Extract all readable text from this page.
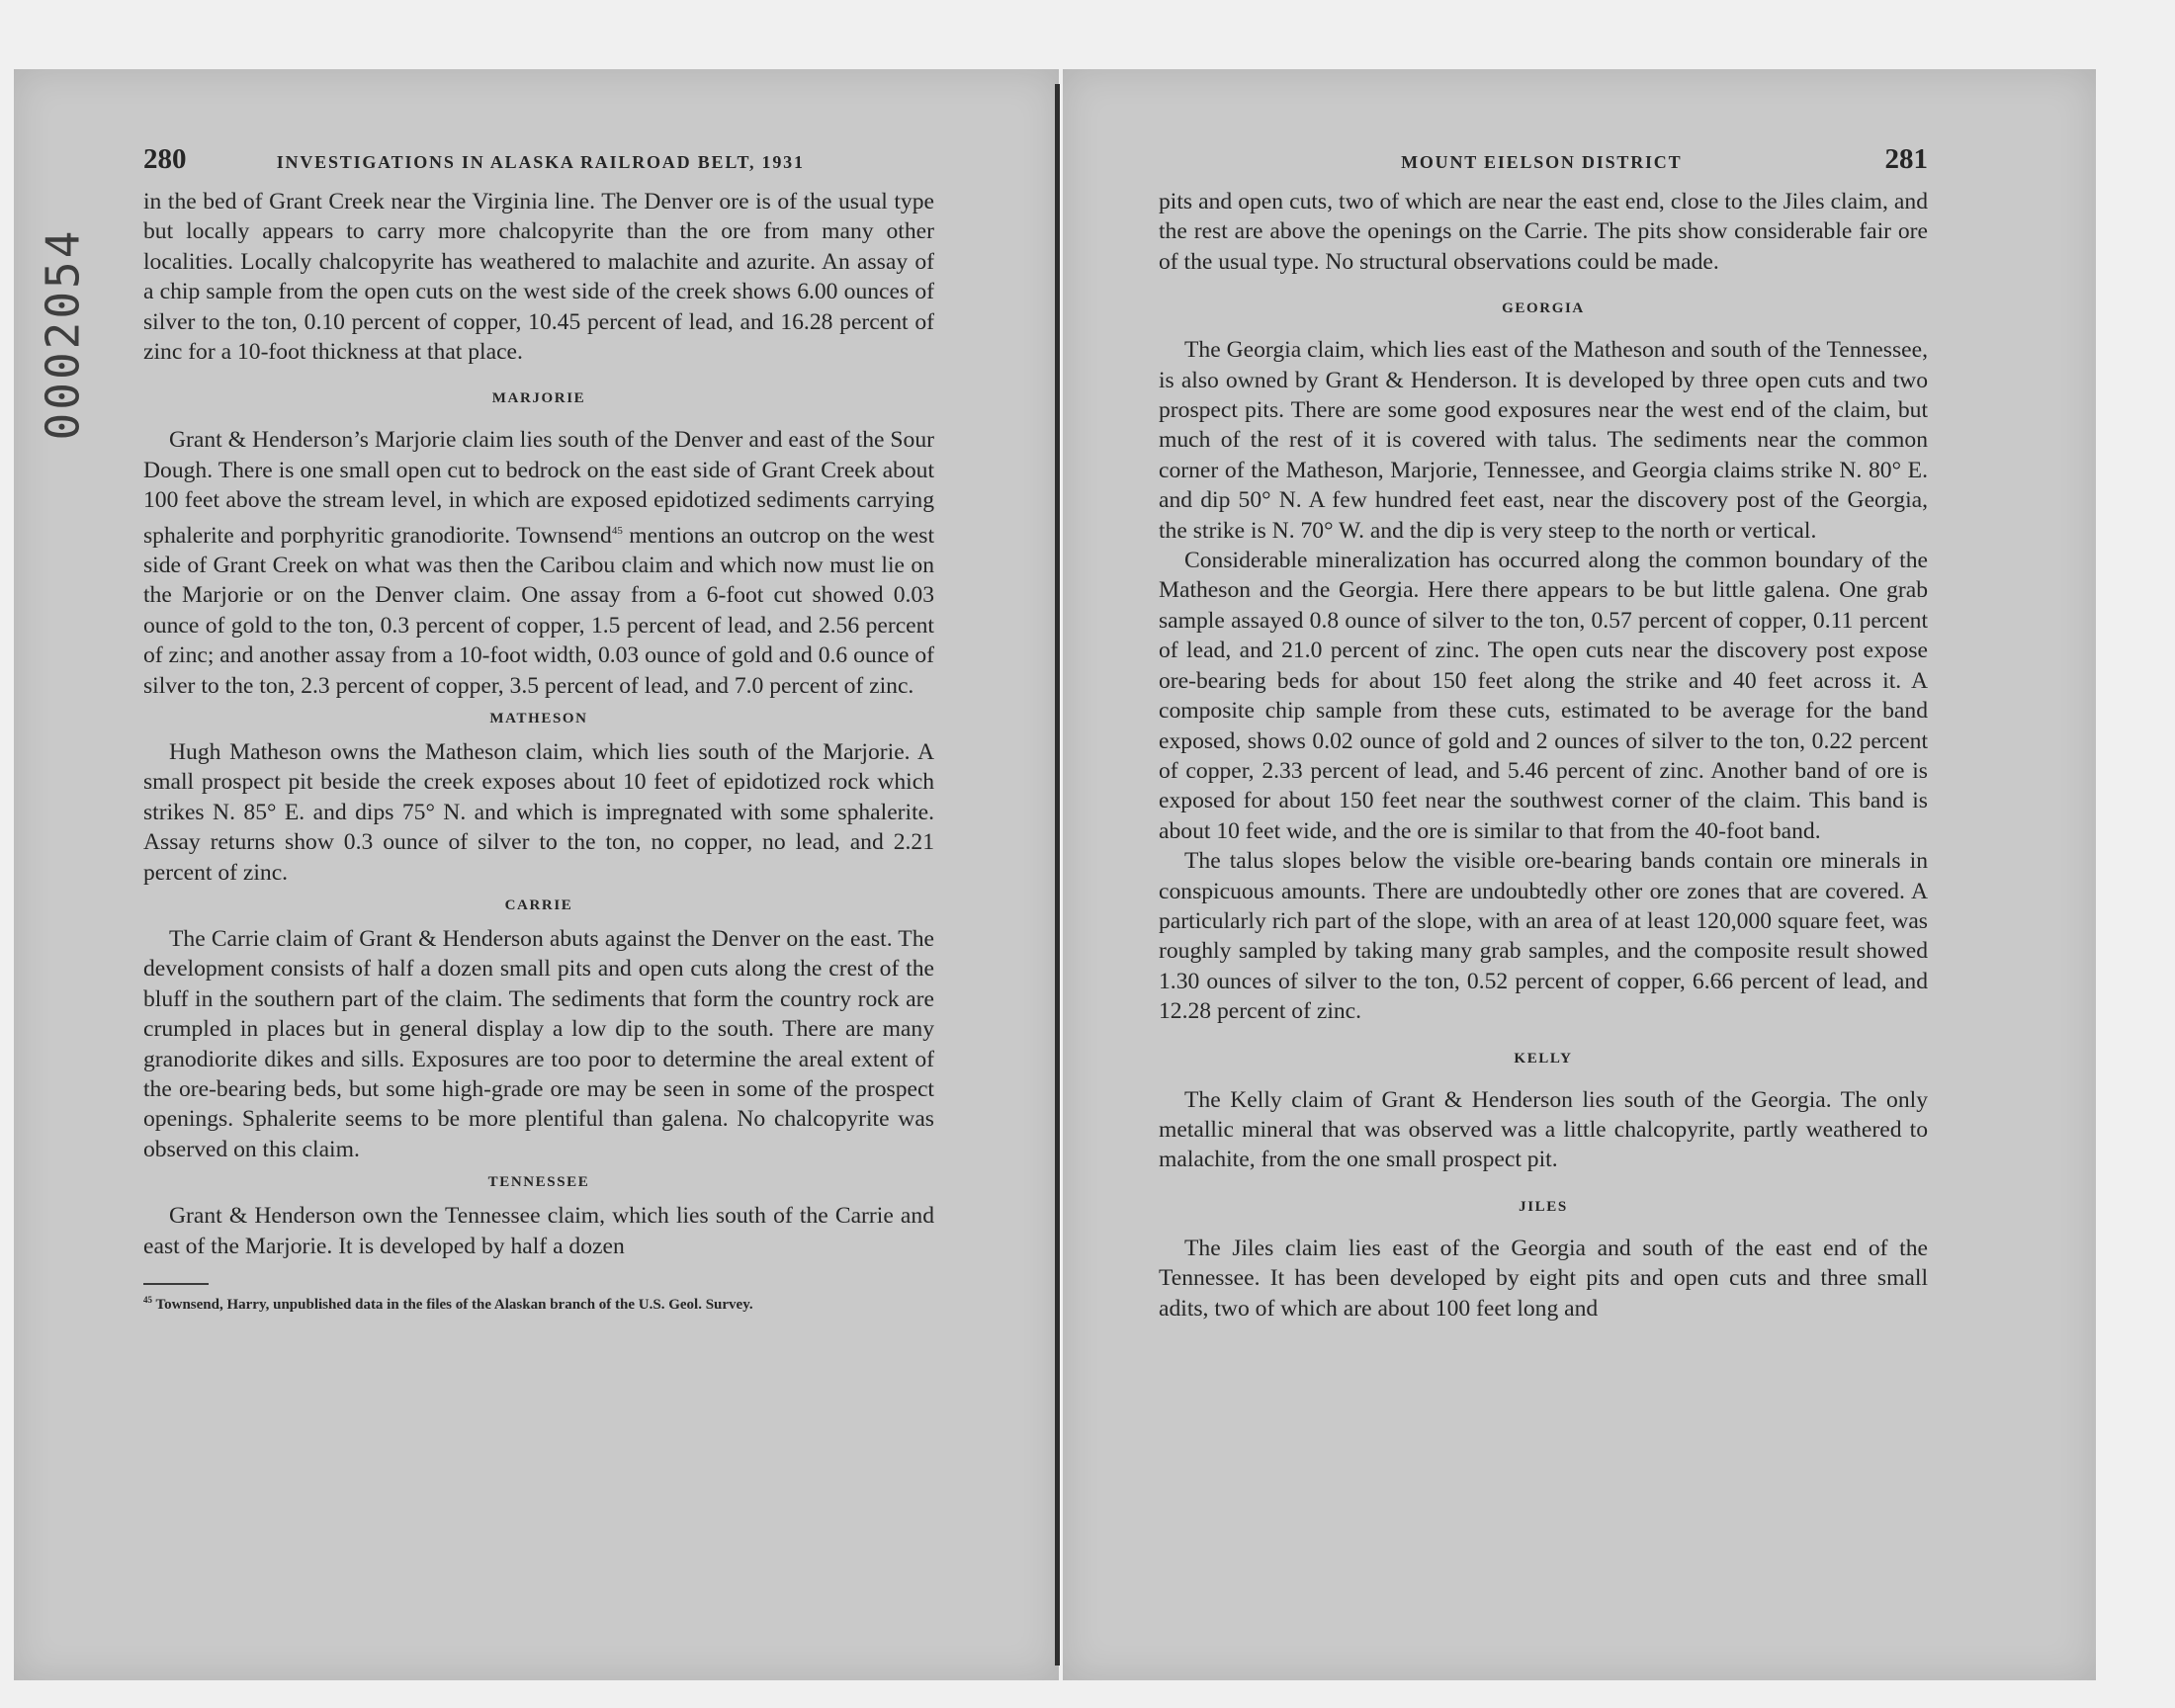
0002054
280	INVESTIGATIONS IN ALASKA RAILROAD BELT, 1931

in the bed of Grant Creek near the Virginia line. The Denver ore is of the usual type but locally appears to carry more chalcopyrite than the ore from many other localities. Locally chalcopyrite has weathered to malachite and azurite. An assay of a chip sample from the open cuts on the west side of the creek shows 6.00 ounces of silver to the ton, 0.10 percent of copper, 10.45 percent of lead, and 16.28 percent of zinc for a 10-foot thickness at that place.

MARJORIE

Grant & Henderson’s Marjorie claim lies south of the Denver and east of the Sour Dough. There is one small open cut to bedrock on the east side of Grant Creek about 100 feet above the stream level, in which are exposed epidotized sediments carrying sphalerite and porphyritic granodiorite. Townsend$^{45}$ mentions an outcrop on the west side of Grant Creek on what was then the Caribou claim and which now must lie on the Marjorie or on the Denver claim. One assay from a 6-foot cut showed 0.03 ounce of gold to the ton, 0.3 percent of copper, 1.5 percent of lead, and 2.56 percent of zinc; and another assay from a 10-foot width, 0.03 ounce of gold and 0.6 ounce of silver to the ton, 2.3 percent of copper, 3.5 percent of lead, and 7.0 percent of zinc.

MATHESON

Hugh Matheson owns the Matheson claim, which lies south of the Marjorie. A small prospect pit beside the creek exposes about 10 feet of epidotized rock which strikes N. 85° E. and dips 75° N. and which is impregnated with some sphalerite. Assay returns show 0.3 ounce of silver to the ton, no copper, no lead, and 2.21 percent of zinc.

CARRIE

The Carrie claim of Grant & Henderson abuts against the Denver on the east. The development consists of half a dozen small pits and open cuts along the crest of the bluff in the southern part of the claim. The sediments that form the country rock are crumpled in places but in general display a low dip to the south. There are many granodiorite dikes and sills. Exposures are too poor to determine the areal extent of the ore-bearing beds, but some high-grade ore may be seen in some of the prospect openings. Sphalerite seems to be more plentiful than galena. No chalcopyrite was observed on this claim.

TENNESSEE

Grant & Henderson own the Tennessee claim, which lies south of the Carrie and east of the Marjorie. It is developed by half a dozen

$^{45}$ Townsend, Harry, unpublished data in the files of the Alaskan branch of the U.S. Geol. Survey.

MOUNT EIELSON DISTRICT	281

pits and open cuts, two of which are near the east end, close to the Jiles claim, and the rest are above the openings on the Carrie. The pits show considerable fair ore of the usual type. No structural observations could be made.

GEORGIA

The Georgia claim, which lies east of the Matheson and south of the Tennessee, is also owned by Grant & Henderson. It is developed by three open cuts and two prospect pits. There are some good exposures near the west end of the claim, but much of the rest of it is covered with talus. The sediments near the common corner of the Matheson, Marjorie, Tennessee, and Georgia claims strike N. 80° E. and dip 50° N. A few hundred feet east, near the discovery post of the Georgia, the strike is N. 70° W. and the dip is very steep to the north or vertical.

Considerable mineralization has occurred along the common boundary of the Matheson and the Georgia. Here there appears to be but little galena. One grab sample assayed 0.8 ounce of silver to the ton, 0.57 percent of copper, 0.11 percent of lead, and 21.0 percent of zinc. The open cuts near the discovery post expose ore-bearing beds for about 150 feet along the strike and 40 feet across it. A composite chip sample from these cuts, estimated to be average for the band exposed, shows 0.02 ounce of gold and 2 ounces of silver to the ton, 0.22 percent of copper, 2.33 percent of lead, and 5.46 percent of zinc. Another band of ore is exposed for about 150 feet near the southwest corner of the claim. This band is about 10 feet wide, and the ore is similar to that from the 40-foot band.

The talus slopes below the visible ore-bearing bands contain ore minerals in conspicuous amounts. There are undoubtedly other ore zones that are covered. A particularly rich part of the slope, with an area of at least 120,000 square feet, was roughly sampled by taking many grab samples, and the composite result showed 1.30 ounces of silver to the ton, 0.52 percent of copper, 6.66 percent of lead, and 12.28 percent of zinc.

KELLY

The Kelly claim of Grant & Henderson lies south of the Georgia. The only metallic mineral that was observed was a little chalcopyrite, partly weathered to malachite, from the one small prospect pit.

JILES

The Jiles claim lies east of the Georgia and south of the east end of the Tennessee. It has been developed by eight pits and open cuts and three small adits, two of which are about 100 feet long and
